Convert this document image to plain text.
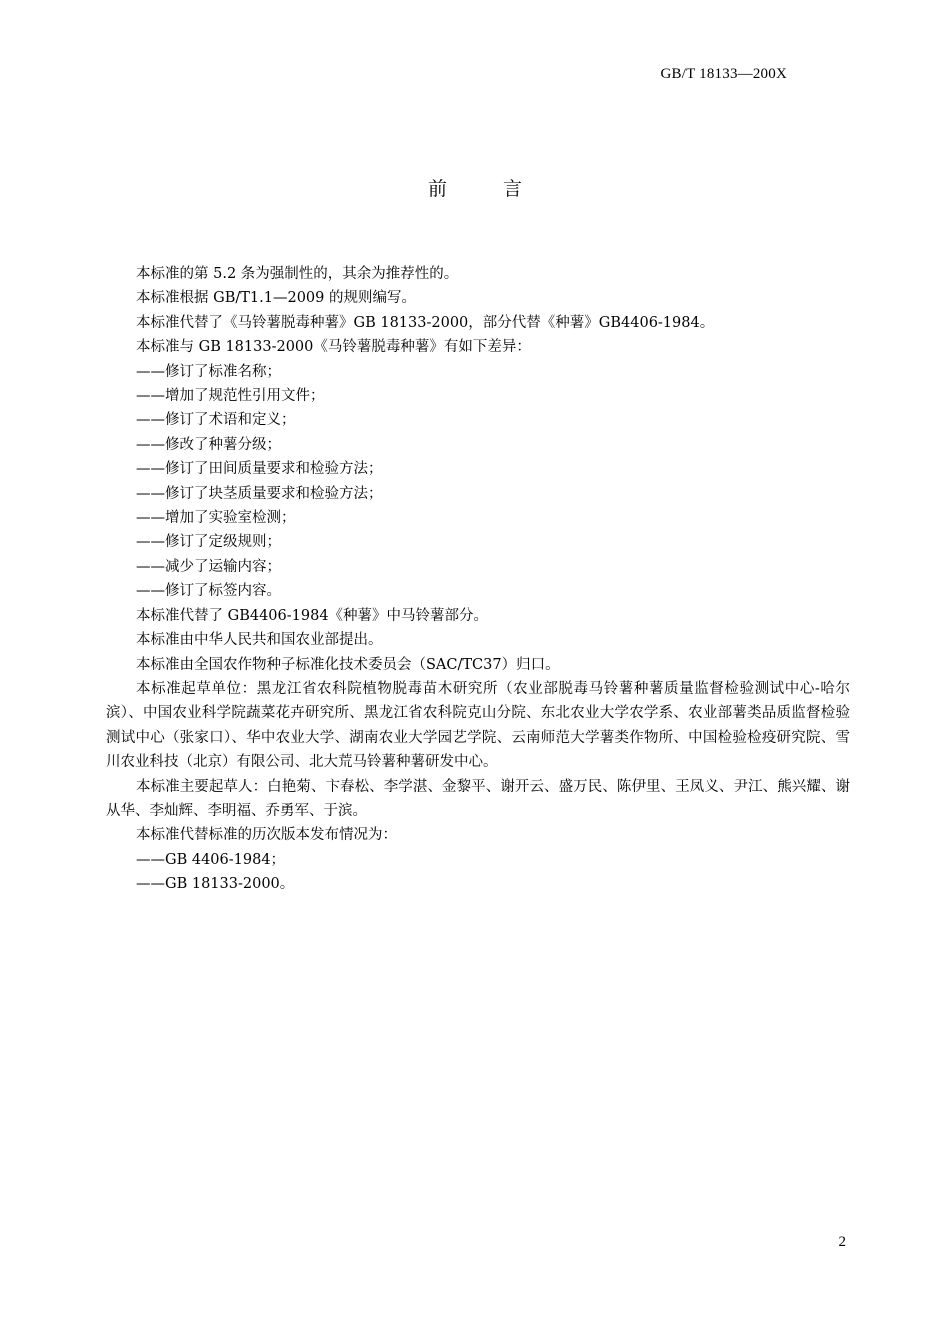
GB/T 18133—200X
前	言

本标准的第 5.2 条为强制性的，其余为推荐性的。

本标准根据 GB/T1.1—2009 的规则编写。

本标准代替了《马铃薯脱毒种薯》GB 18133-2000，部分代替《种薯》GB4406-1984。

本标准与 GB 18133-2000《马铃薯脱毒种薯》有如下差异：

——修订了标准名称；

——增加了规范性引用文件；

——修订了术语和定义；

——修改了种薯分级；

——修订了田间质量要求和检验方法；

——修订了块茎质量要求和检验方法；

——增加了实验室检测；

——修订了定级规则；

——减少了运输内容；

——修订了标签内容。

本标准代替了 GB4406-1984《种薯》中马铃薯部分。

本标准由中华人民共和国农业部提出。

本标准由全国农作物种子标准化技术委员会（SAC/TC37）归口。

本标准起草单位：黑龙江省农科院植物脱毒苗木研究所（农业部脱毒马铃薯种薯质量监督检验测试中心-哈尔滨）、中国农业科学院蔬菜花卉研究所、黑龙江省农科院克山分院、东北农业大学农学系、农业部薯类品质监督检验测试中心（张家口）、华中农业大学、湖南农业大学园艺学院、云南师范大学薯类作物所、中国检验检疫研究院、雪川农业科技（北京）有限公司、北大荒马铃薯种薯研发中心。

本标准主要起草人：白艳菊、卞春松、李学湛、金黎平、谢开云、盛万民、陈伊里、王凤义、尹江、熊兴耀、谢从华、李灿辉、李明福、乔勇军、于滨。

本标准代替标准的历次版本发布情况为：

——GB 4406-1984；

——GB 18133-2000。

2
